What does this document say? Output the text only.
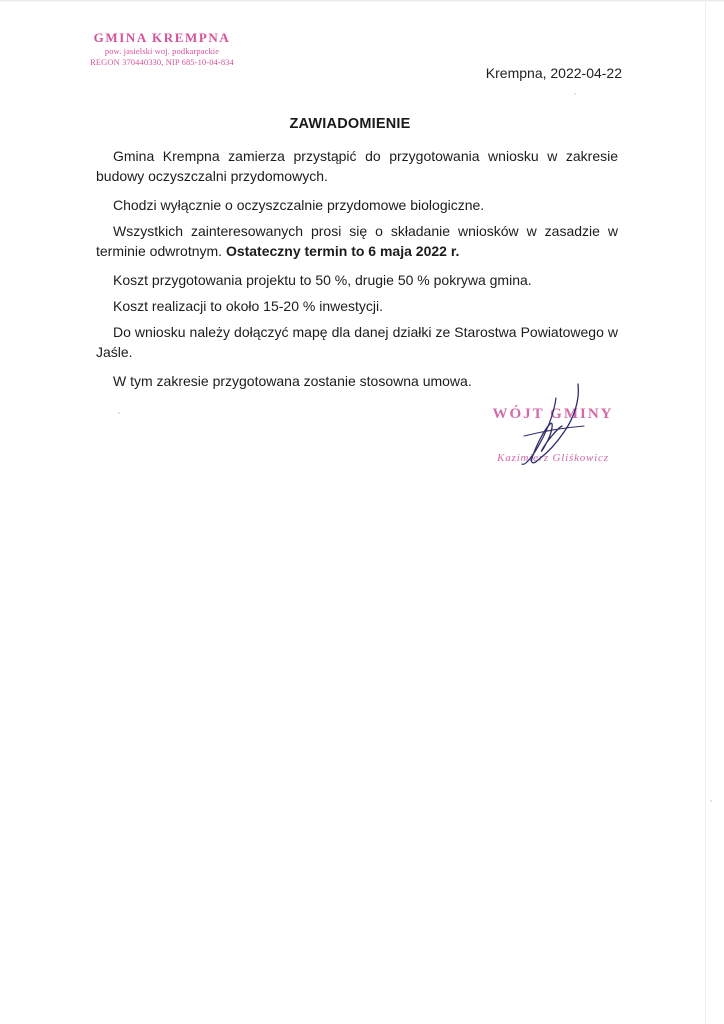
GMINA KREMPNA
pow. jasielski woj. podkarpackie
REGON 370440330, NIP 685-10-04-834
Krempna, 2022-04-22
ZAWIADOMIENIE

Gmina Krempna zamierza przystąpić do przygotowania wniosku w zakresie budowy oczyszczalni przydomowych.

Chodzi wyłącznie o oczyszczalnie przydomowe biologiczne.

Wszystkich zainteresowanych prosi się o składanie wniosków w zasadzie w terminie odwrotnym. Ostateczny termin to 6 maja 2022 r.

Koszt przygotowania projektu to 50 %, drugie 50 % pokrywa gmina.

Koszt realizacji to około 15-20 % inwestycji.

Do wniosku należy dołączyć mapę dla danej działki ze Starostwa Powiatowego w Jaśle.

W tym zakresie przygotowana zostanie stosowna umowa.

WÓJT GMINY
Kazimierz Gliśkowicz
